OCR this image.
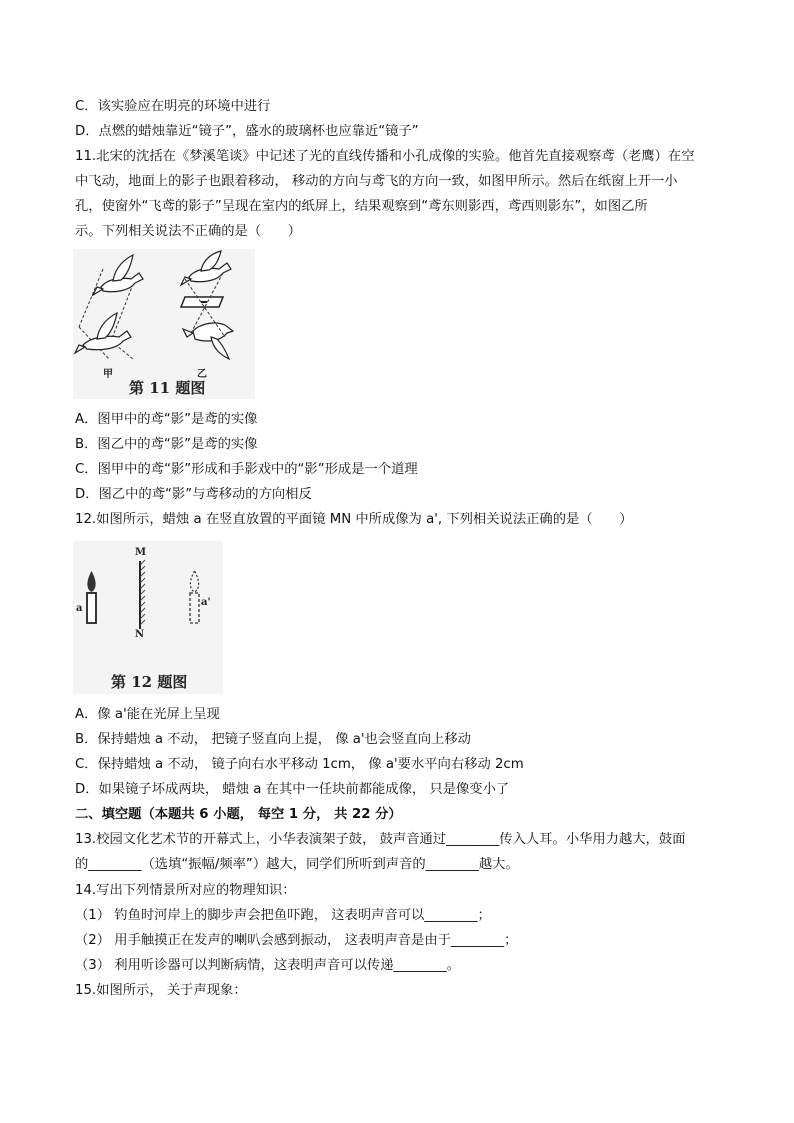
C．该实验应在明亮的环境中进行
D．点燃的蜡烛靠近“镜子”，盛水的玻璃杯也应靠近“镜子”
11.北宋的沈括在《梦溪笔谈》中记述了光的直线传播和小孔成像的实验。他首先直接观察鸢（老鹰）在空
中飞动，地面上的影子也跟着移动， 移动的方向与鸢飞的方向一致，如图甲所示。然后在纸窗上开一小
孔，使窗外“飞鸢的影子”呈现在室内的纸屏上，结果观察到“鸢东则影西，鸢西则影东”，如图乙所
示。下列相关说法不正确的是（　　）
甲	乙
第 11 题图
A．图甲中的鸢“影”是鸢的实像
B．图乙中的鸢“影”是鸢的实像
C．图甲中的鸢“影”形成和手影戏中的“影”形成是一个道理
D．图乙中的鸢“影”与鸢移动的方向相反
12.如图所示，蜡烛 a 在竖直放置的平面镜 MN 中所成像为 a', 下列相关说法正确的是（　　）
M
N
a
a'
第 12 题图
A．像 a'能在光屏上呈现
B．保持蜡烛 a 不动， 把镜子竖直向上提， 像 a'也会竖直向上移动
C．保持蜡烛 a 不动， 镜子向右水平移动 1cm， 像 a'要水平向右移动 2cm
D．如果镜子坏成两块， 蜡烛 a 在其中一任块前都能成像， 只是像变小了
二、填空题（本题共 6 小题， 每空 1 分， 共 22 分）
13.校园文化艺术节的开幕式上，小华表演架子鼓， 鼓声音通过________传入人耳。小华用力越大，鼓面
的________（选填“振幅/频率”）越大，同学们所听到声音的________越大。
14.写出下列情景所对应的物理知识：
（1） 钓鱼时河岸上的脚步声会把鱼吓跑， 这表明声音可以________；
（2） 用手触摸正在发声的喇叭会感到振动， 这表明声音是由于________；
（3） 利用听诊器可以判断病情，这表明声音可以传递________。
15.如图所示， 关于声现象：
